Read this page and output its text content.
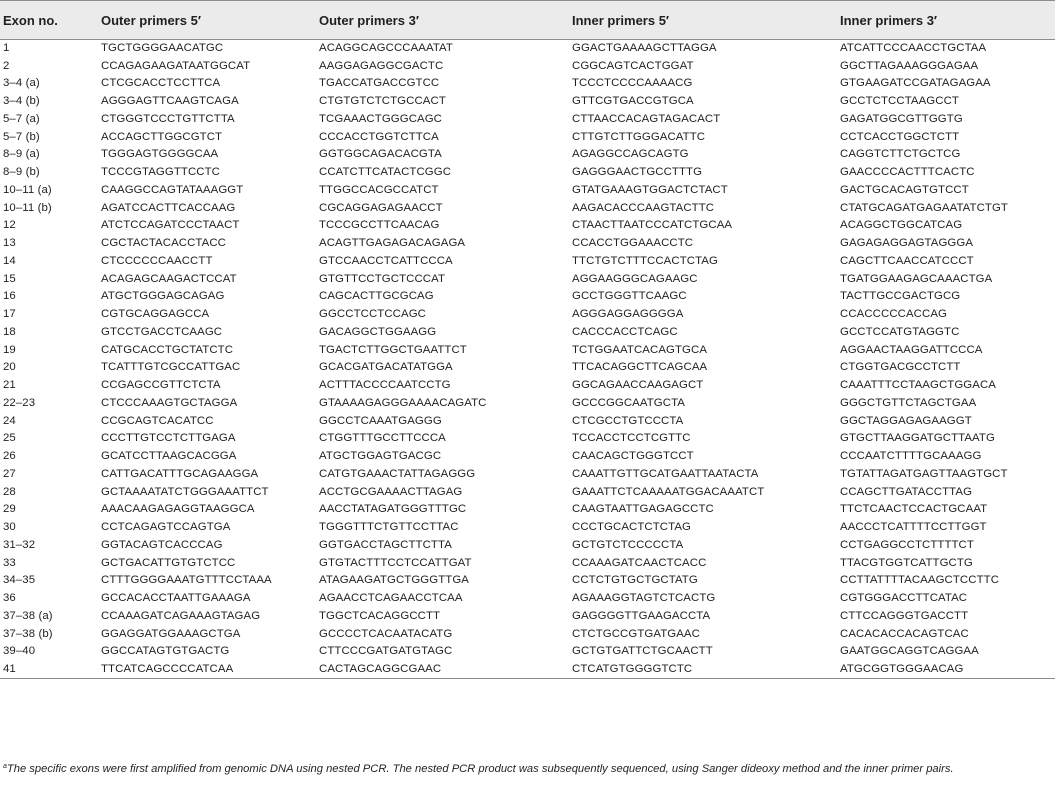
Exon no.	Outer primers 5′	Outer primers 3′	Inner primers 5′	Inner primers 3′
1	TGCTGGGGAACATGC	ACAGGCAGCCCAAATAT	GGACTGAAAAGCTTAGGA	ATCATTCCCAACCTGCTAA
2	CCAGAGAAGATAATGGCAT	AAGGAGAGGCGACTC	CGGCAGTCACTGGAT	GGCTTAGAAAGGGAGAA
3–4 (a)	CTCGCACCTCCTTCA	TGACCATGACCGTCC	TCCCTCCCCAAAACG	GTGAAGATCCGATAGAGAA
3–4 (b)	AGGGAGTTCAAGTCAGA	CTGTGTCTCTGCCACT	GTTCGTGACCGTGCA	GCCTCTCCTAAGCCT
5–7 (a)	CTGGGTCCCTGTTCTTA	TCGAAACTGGGCAGC	CTTAACCACAGTAGACACT	GAGATGGCGTTGGTG
5–7 (b)	ACCAGCTTGGCGTCT	CCCACCTGGTCTTCA	CTTGTCTTGGGACATTC	CCTCACCTGGCTCTT
8–9 (a)	TGGGAGTGGGGCAA	GGTGGCAGACACGTA	AGAGGCCAGCAGTG	CAGGTCTTCTGCTCG
8–9 (b)	TCCCGTAGGTTCCTC	CCATCTTCATACTCGGC	GAGGGAACTGCCTTTG	GAACCCCACTTTCACTC
10–11 (a)	CAAGGCCAGTATAAAGGT	TTGGCCACGCCATCT	GTATGAAAGTGGACTCTACT	GACTGCACAGTGTCCT
10–11 (b)	AGATCCACTTCACCAAG	CGCAGGAGAGAACCT	AAGACACCCAAGTACTTC	CTATGCAGATGAGAATATCTGT
12	ATCTCCAGATCCCTAACT	TCCCGCCTTCAACAG	CTAACTTAATCCCATCTGCAA	ACAGGCTGGCATCAG
13	CGCTACTACACCTACC	ACAGTTGAGAGACAGAGA	CCACCTGGAAACCTC	GAGAGAGGAGTAGGGA
14	CTCCCCCCAACCTT	GTCCAACCTCATTCCCA	TTCTGTCTTTCCACTCTAG	CAGCTTCAACCATCCCT
15	ACAGAGCAAGACTCCAT	GTGTTCCTGCTCCCAT	AGGAAGGGCAGAAGC	TGATGGAAGAGCAAACTGA
16	ATGCTGGGAGCAGAG	CAGCACTTGCGCAG	GCCTGGGTTCAAGC	TACTTGCCGACTGCG
17	CGTGCAGGAGCCA	GGCCTCCTCCAGC	AGGGAGGAGGGGA	CCACCCCCACCAG
18	GTCCTGACCTCAAGC	GACAGGCTGGAAGG	CACCCACCTCAGC	GCCTCCATGTAGGTC
19	CATGCACCTGCTATCTC	TGACTCTTGGCTGAATTCT	TCTGGAATCACAGTGCA	AGGAACTAAGGATTCCCA
20	TCATTTGTCGCCATTGAC	GCACGATGACATATGGA	TTCACAGGCTTCAGCAA	CTGGTGACGCCTCTT
21	CCGAGCCGTTCTCTA	ACTTTACCCCAATCCTG	GGCAGAACCAAGAGCT	CAAATTTCCTAAGCTGGACA
22–23	CTCCCAAAGTGCTAGGA	GTAAAAGAGGGAAAACAGATC	GCCCGGCAATGCTA	GGGCTGTTCTAGCTGAA
24	CCGCAGTCACATCC	GGCCTCAAATGAGGG	CTCGCCTGTCCCTA	GGCTAGGAGAGAAGGT
25	CCCTTGTCCTCTTGAGA	CTGGTTTGCCTTCCCA	TCCACCTCCTCGTTC	GTGCTTAAGGATGCTTAATG
26	GCATCCTTAAGCACGGA	ATGCTGGAGTGACGC	CAACAGCTGGGTCCT	CCCAATCTTTTGCAAAGG
27	CATTGACATTTGCAGAAGGA	CATGTGAAACTATTAGAGGG	CAAATTGTTGCATGAATTAATACTA	TGTATTAGATGAGTTAAGTGCT
28	GCTAAAATATCTGGGAAATTCT	ACCTGCGAAAACTTAGAG	GAAATTCTCAAAAATGGACAAATCT	CCAGCTTGATACCTTAG
29	AAACAAGAGAGGTAAGGCA	AACCTATAGATGGGTTTGC	CAAGTAATTGAGAGCCTC	TTCTCAACTCCACTGCAAT
30	CCTCAGAGTCCAGTGA	TGGGTTTCTGTTCCTTAC	CCCTGCACTCTCTAG	AACCCTCATTTTCCTTGGT
31–32	GGTACAGTCACCCAG	GGTGACCTAGCTTCTTA	GCTGTCTCCCCCTA	CCTGAGGCCTCTTTTCT
33	GCTGACATTGTGTCTCC	GTGTACTTTCCTCCATTGAT	CCAAAGATCAACTCACC	TTACGTGGTCATTGCTG
34–35	CTTTGGGGAAATGTTTCCTAAA	ATAGAAGATGCTGGGTTGA	CCTCTGTGCTGCTATG	CCTTATTTTACAAGCTCCTTC
36	GCCACACCTAATTGAAAGA	AGAACCTCAGAACCTCAA	AGAAAGGTAGTCTCACTG	CGTGGGACCTTCATAC
37–38 (a)	CCAAAGATCAGAAAGTAGAG	TGGCTCACAGGCCTT	GAGGGGTTGAAGACCTA	CTTCCAGGGTGACCTT
37–38 (b)	GGAGGATGGAAAGCTGA	GCCCCTCACAATACATG	CTCTGCCGTGATGAAC	CACACACCACAGTCAC
39–40	GGCCATAGTGTGACTG	CTTCCCGATGATGTAGC	GCTGTGATTCTGCAACTT	GAATGGCAGGTCAGGAA
41	TTCATCAGCCCCATCAA	CACTAGCAGGCGAAC	CTCATGTGGGGTCTC	ATGCGGTGGGAACAG
$^a$The specific exons were first amplified from genomic DNA using nested PCR. The nested PCR product was subsequently sequenced, using Sanger dideoxy method and the inner primer pairs.
